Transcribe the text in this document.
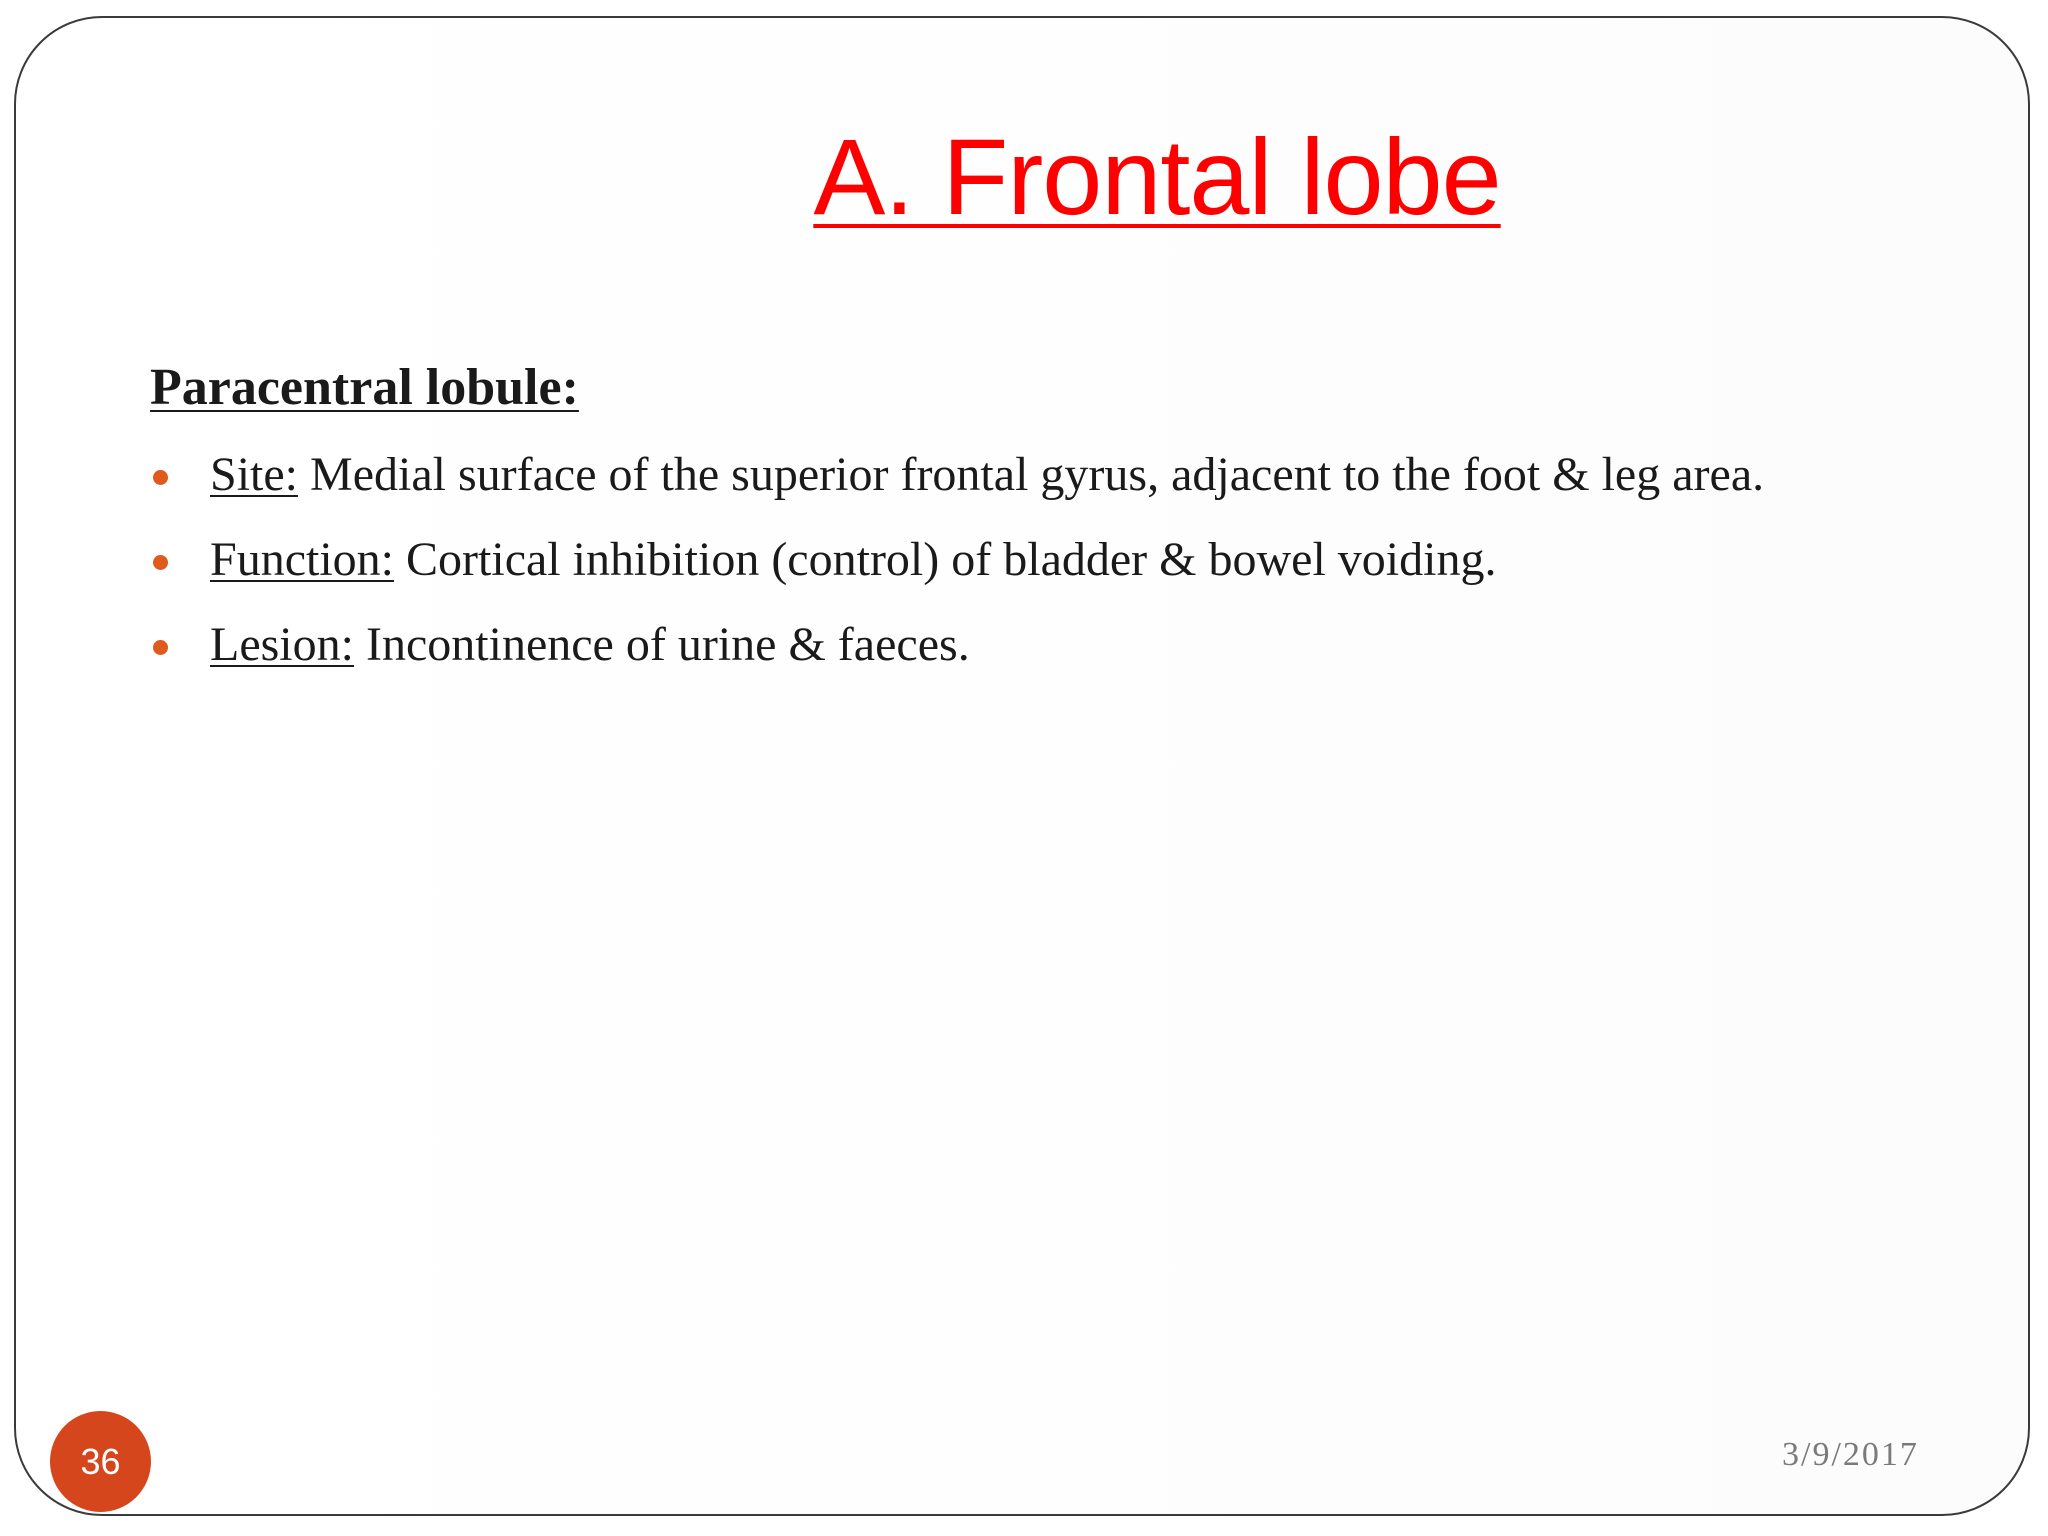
A. Frontal lobe
Paracentral lobule:
Site: Medial surface of the superior frontal gyrus, adjacent to the foot & leg area.
Function: Cortical inhibition (control) of bladder & bowel voiding.
Lesion: Incontinence of urine & faeces.
36	3/9/2017
